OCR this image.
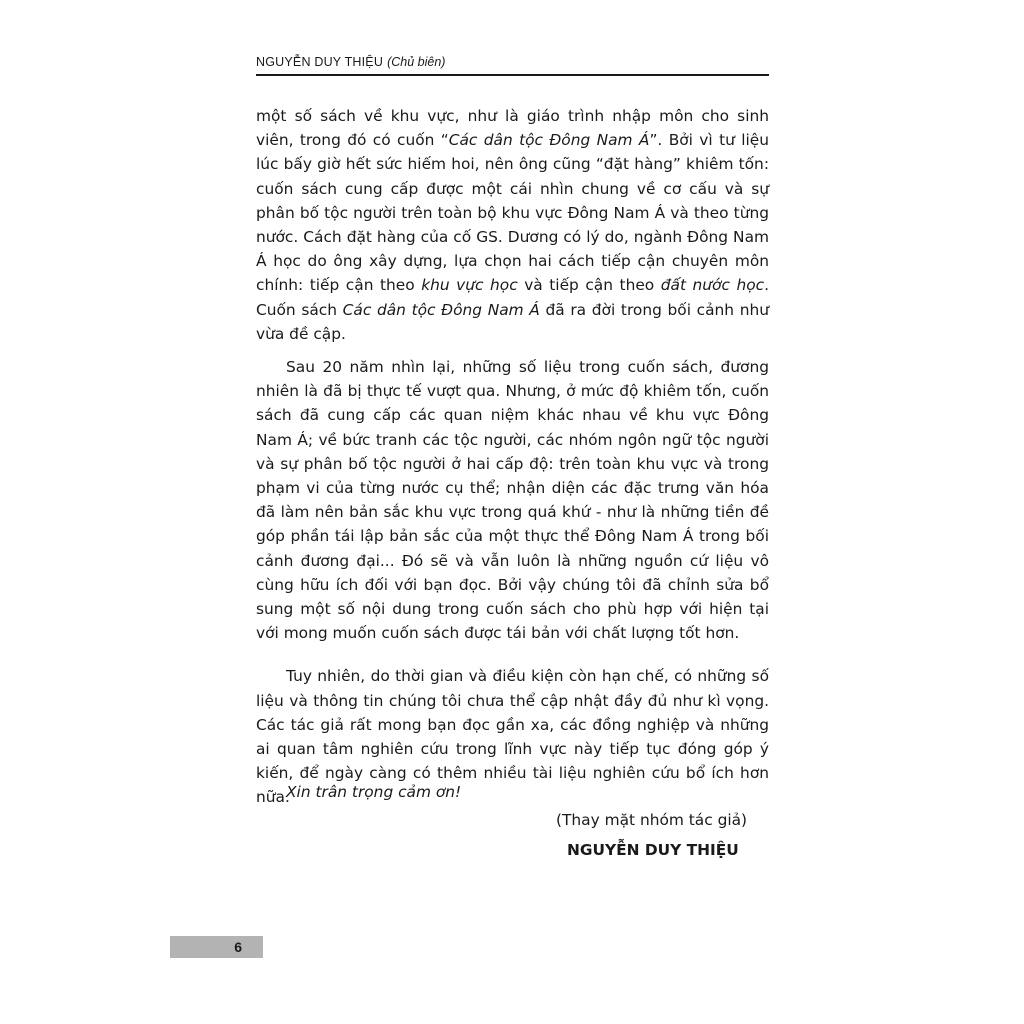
NGUYỄN DUY THIỆU (Chủ biên)

một số sách về khu vực, như là giáo trình nhập môn cho sinh viên, trong đó có cuốn “Các dân tộc Đông Nam Á”. Bởi vì tư liệu lúc bấy giờ hết sức hiếm hoi, nên ông cũng “đặt hàng” khiêm tốn: cuốn sách cung cấp được một cái nhìn chung về cơ cấu và sự phân bố tộc người trên toàn bộ khu vực Đông Nam Á và theo từng nước. Cách đặt hàng của cố GS. Dương có lý do, ngành Đông Nam Á học do ông xây dựng, lựa chọn hai cách tiếp cận chuyên môn chính: tiếp cận theo khu vực học và tiếp cận theo đất nước học. Cuốn sách Các dân tộc Đông Nam Á đã ra đời trong bối cảnh như vừa đề cập.

Sau 20 năm nhìn lại, những số liệu trong cuốn sách, đương nhiên là đã bị thực tế vượt qua. Nhưng, ở mức độ khiêm tốn, cuốn sách đã cung cấp các quan niệm khác nhau về khu vực Đông Nam Á; về bức tranh các tộc người, các nhóm ngôn ngữ tộc người và sự phân bố tộc người ở hai cấp độ: trên toàn khu vực và trong phạm vi của từng nước cụ thể; nhận diện các đặc trưng văn hóa đã làm nên bản sắc khu vực trong quá khứ - như là những tiền đề góp phần tái lập bản sắc của một thực thể Đông Nam Á trong bối cảnh đương đại... Đó sẽ và vẫn luôn là những nguồn cứ liệu vô cùng hữu ích đối với bạn đọc. Bởi vậy chúng tôi đã chỉnh sửa bổ sung một số nội dung trong cuốn sách cho phù hợp với hiện tại với mong muốn cuốn sách được tái bản với chất lượng tốt hơn.

Tuy nhiên, do thời gian và điều kiện còn hạn chế, có những số liệu và thông tin chúng tôi chưa thể cập nhật đầy đủ như kì vọng. Các tác giả rất mong bạn đọc gần xa, các đồng nghiệp và những ai quan tâm nghiên cứu trong lĩnh vực này tiếp tục đóng góp ý kiến, để ngày càng có thêm nhiều tài liệu nghiên cứu bổ ích hơn nữa.

Xin trân trọng cảm ơn!
(Thay mặt nhóm tác giả)
NGUYỄN DUY THIỆU
6
